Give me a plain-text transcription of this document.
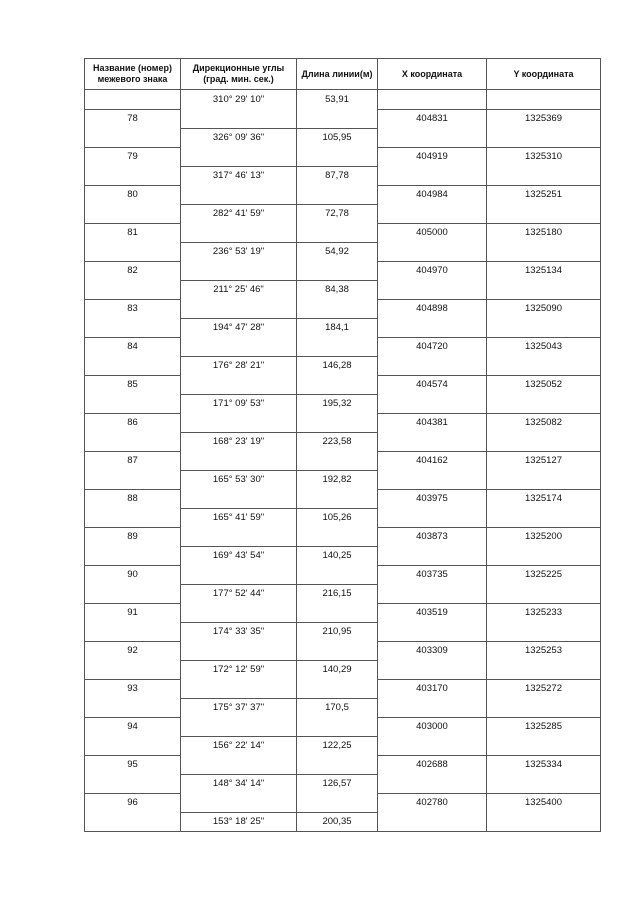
Название (номер) межевого знака	Дирекционные углы (град. мин. сек.)	Длина линии(м)	X координата	Y координата
	310° 29' 10"	53,91		
78			404831	1325369
	326° 09' 36"	105,95		
79			404919	1325310
	317° 46' 13"	87,78		
80			404984	1325251
	282° 41' 59"	72,78		
81			405000	1325180
	236° 53' 19"	54,92		
82			404970	1325134
	211° 25' 46"	84,38		
83			404898	1325090
	194° 47' 28"	184,1		
84			404720	1325043
	176° 28' 21"	146,28		
85			404574	1325052
	171° 09' 53"	195,32		
86			404381	1325082
	168° 23' 19"	223,58		
87			404162	1325127
	165° 53' 30"	192,82		
88			403975	1325174
	165° 41' 59"	105,26		
89			403873	1325200
	169° 43' 54"	140,25		
90			403735	1325225
	177° 52' 44"	216,15		
91			403519	1325233
	174° 33' 35"	210,95		
92			403309	1325253
	172° 12' 59"	140,29		
93			403170	1325272
	175° 37' 37"	170,5		
94			403000	1325285
	156° 22' 14"	122,25		
95			402688	1325334
	148° 34' 14"	126,57		
96			402780	1325400
	153° 18' 25"	200,35		
